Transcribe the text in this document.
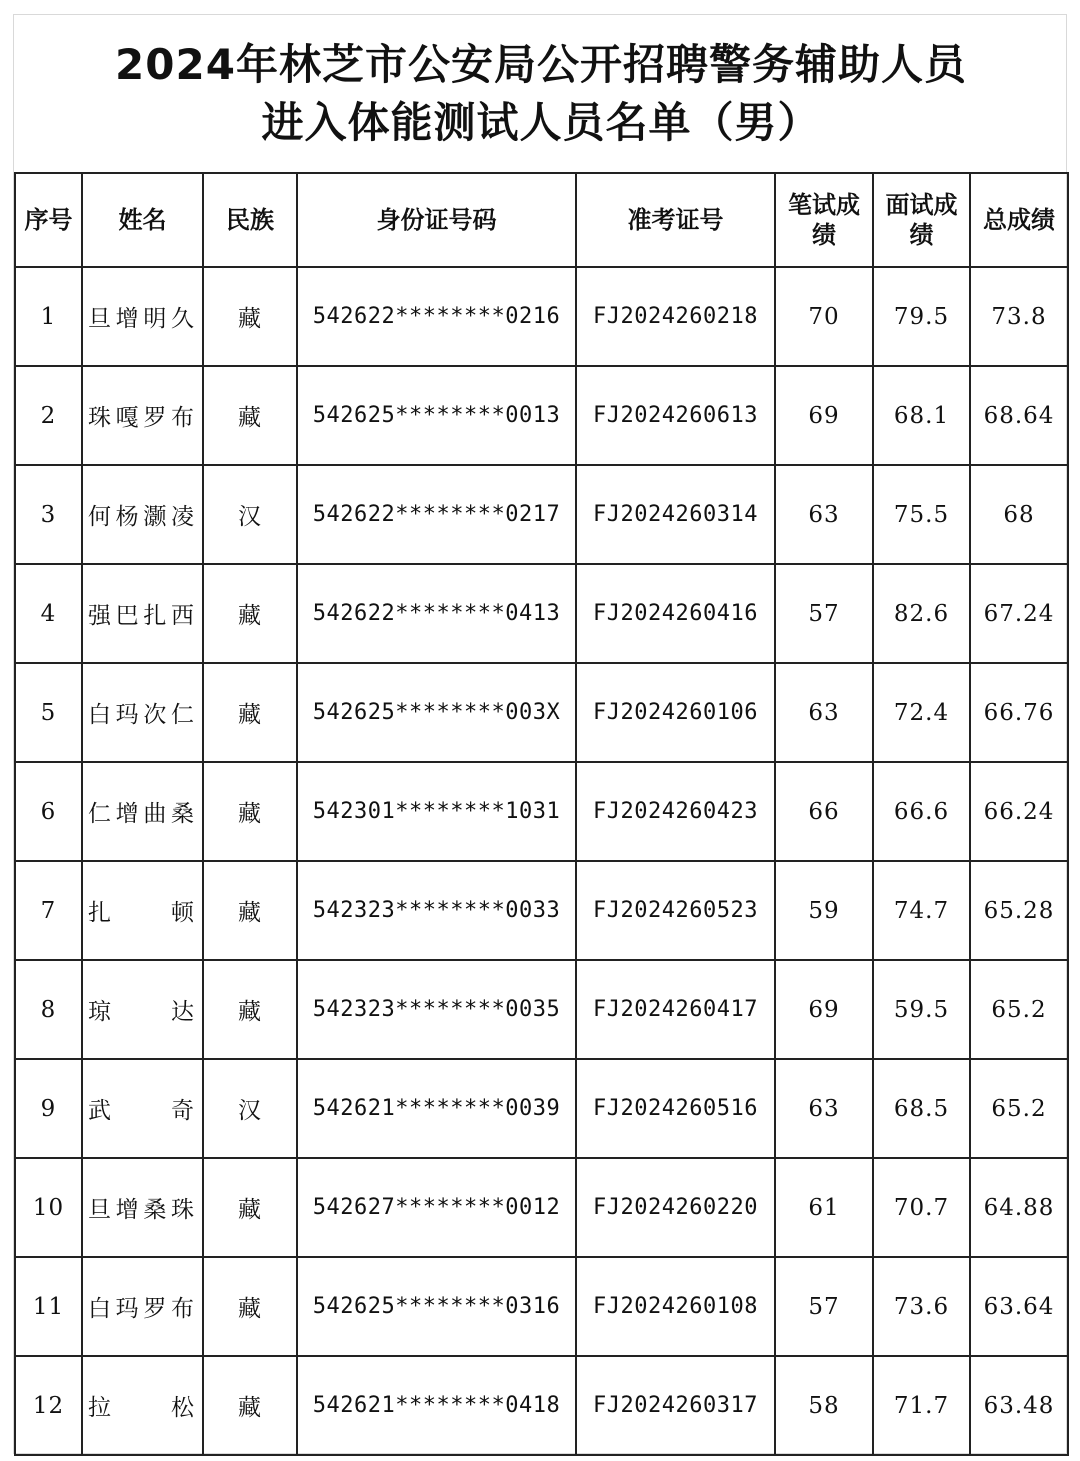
2024年林芝市公安局公开招聘警务辅助人员
进入体能测试人员名单（男）
序号	姓名	民族	身份证号码	准考证号	笔试成绩	面试成绩	总成绩
1	旦增明久	藏	542622********0216	FJ2024260218	70	79.5	73.8
2	珠嘎罗布	藏	542625********0013	FJ2024260613	69	68.1	68.64
3	何杨灏凌	汉	542622********0217	FJ2024260314	63	75.5	68
4	强巴扎西	藏	542622********0413	FJ2024260416	57	82.6	67.24
5	白玛次仁	藏	542625********003X	FJ2024260106	63	72.4	66.76
6	仁增曲桑	藏	542301********1031	FJ2024260423	66	66.6	66.24
7	扎顿	藏	542323********0033	FJ2024260523	59	74.7	65.28
8	琼达	藏	542323********0035	FJ2024260417	69	59.5	65.2
9	武奇	汉	542621********0039	FJ2024260516	63	68.5	65.2
10	旦增桑珠	藏	542627********0012	FJ2024260220	61	70.7	64.88
11	白玛罗布	藏	542625********0316	FJ2024260108	57	73.6	63.64
12	拉松	藏	542621********0418	FJ2024260317	58	71.7	63.48
